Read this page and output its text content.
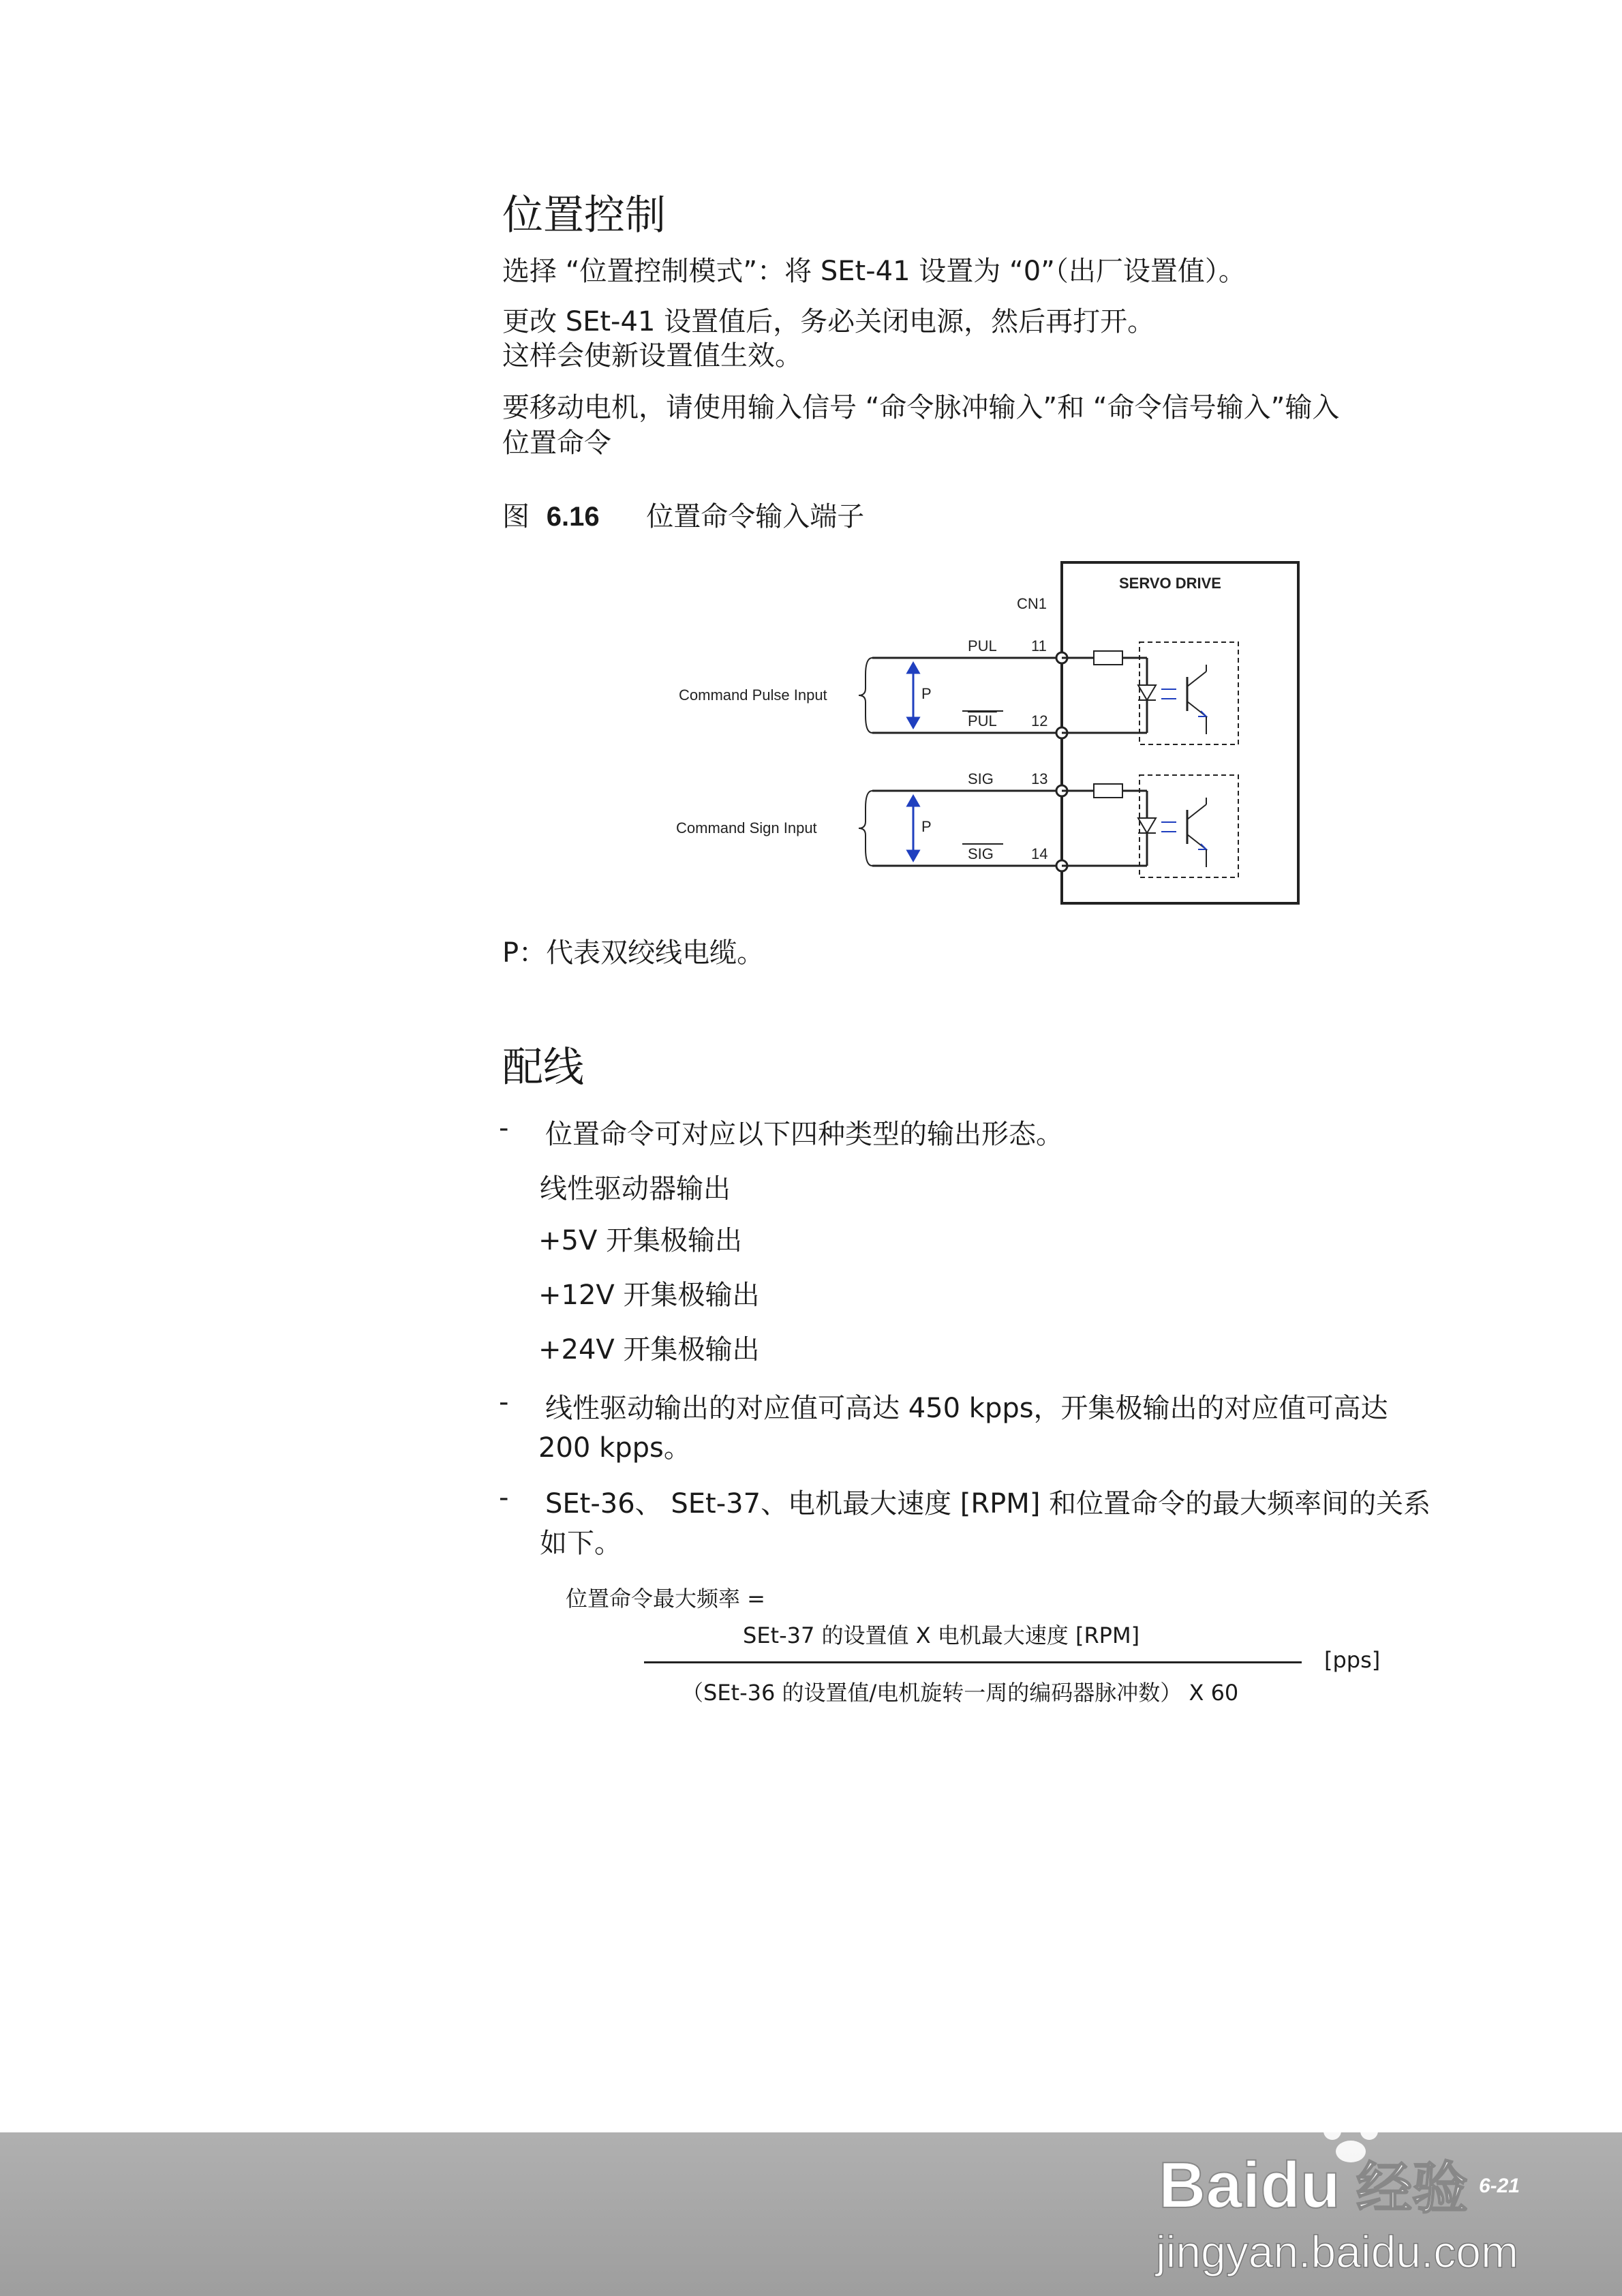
位置控制
选择 “位置控制模式”：将 SEt-41 设置为 “0”（出厂设置值）。
更改 SEt-41 设置值后，务必关闭电源，然后再打开。
这样会使新设置值生效。
要移动电机，请使用输入信号 “命令脉冲输入”和 “命令信号输入”输入
位置命令
图 6.16 位置命令输入端子
SERVO DRIVE
CN1
PUL
PUL
11
12
P
Command Pulse Input
SIG
SIG
13
14
P
Command Sign Input
P：代表双绞线电缆。
配线
- 位置命令可对应以下四种类型的输出形态。
线性驱动器输出
+5V 开集极输出
+12V 开集极输出
+24V 开集极输出
- 线性驱动输出的对应值可高达 450 kpps，开集极输出的对应值可高达
200 kpps。
- SEt-36、 SEt-37、电机最大速度 [RPM] 和位置命令的最大频率间的关系
如下。
位置命令最大频率 =
SEt-37 的设置值 X 电机最大速度 [RPM]
[pps]
（SEt-36 的设置值/电机旋转一周的编码器脉冲数） X 60
Baidu 经验
jingyan.baidu.com
6-21
